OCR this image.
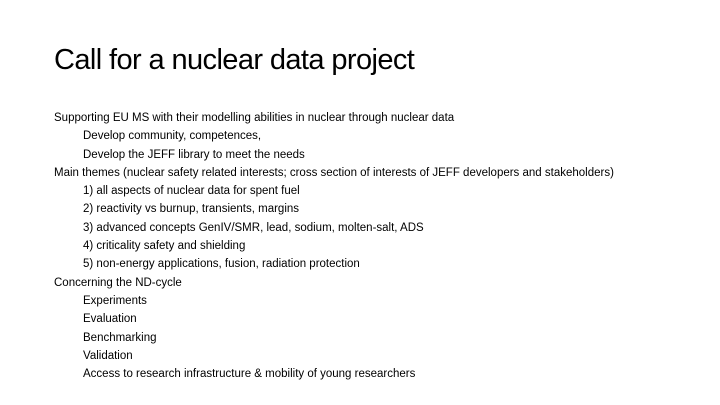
Call for a nuclear data project
Supporting EU MS with their modelling abilities in nuclear through nuclear data
Develop community, competences,
Develop the JEFF library to meet the needs
Main themes (nuclear safety related interests; cross section of interests of JEFF developers and stakeholders)
1) all aspects of nuclear data for spent fuel
2) reactivity vs burnup, transients, margins
3) advanced concepts GenIV/SMR, lead, sodium, molten-salt, ADS
4) criticality safety and shielding
5) non-energy applications, fusion, radiation protection
Concerning the ND-cycle
Experiments
Evaluation
Benchmarking
Validation
Access to research infrastructure & mobility of young researchers
